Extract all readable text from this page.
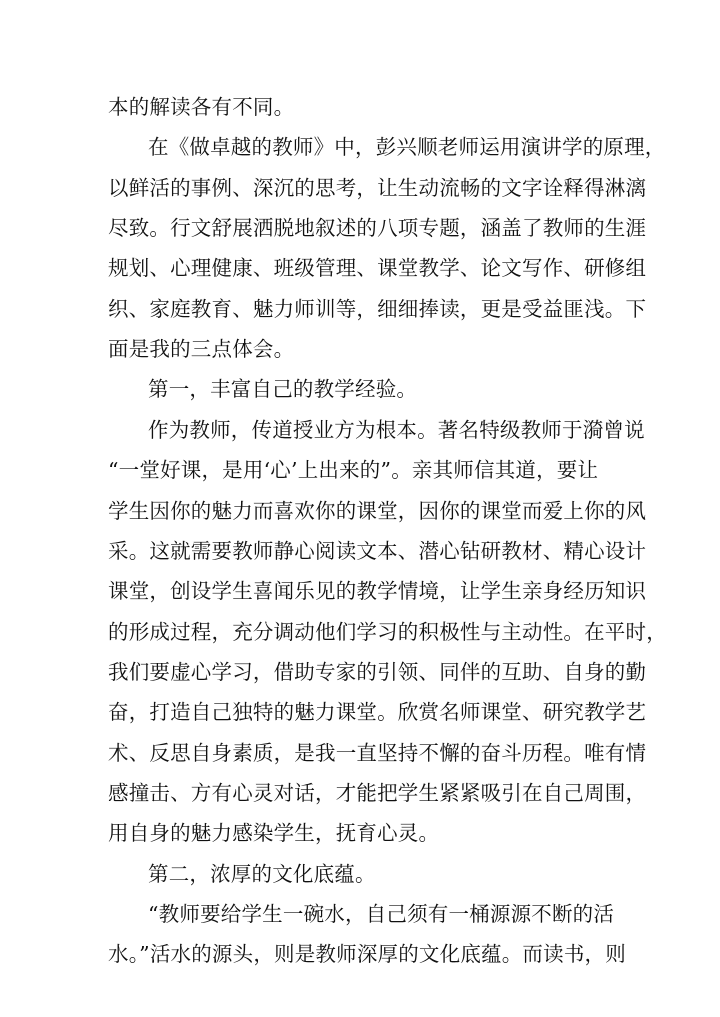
本的解读各有不同。
在《做卓越的教师》中，彭兴顺老师运用演讲学的原理，
以鲜活的事例、深沉的思考，让生动流畅的文字诠释得淋漓
尽致。行文舒展洒脱地叙述的八项专题，涵盖了教师的生涯
规划、心理健康、班级管理、课堂教学、论文写作、研修组
织、家庭教育、魅力师训等，细细捧读，更是受益匪浅。下
面是我的三点体会。
第一，丰富自己的教学经验。
作为教师，传道授业方为根本。著名特级教师于漪曾说
“一堂好课，是用‘心’上出来的”。亲其师信其道，要让
学生因你的魅力而喜欢你的课堂，因你的课堂而爱上你的风
采。这就需要教师静心阅读文本、潜心钻研教材、精心设计
课堂，创设学生喜闻乐见的教学情境，让学生亲身经历知识
的形成过程，充分调动他们学习的积极性与主动性。在平时，
我们要虚心学习，借助专家的引领、同伴的互助、自身的勤
奋，打造自己独特的魅力课堂。欣赏名师课堂、研究教学艺
术、反思自身素质，是我一直坚持不懈的奋斗历程。唯有情
感撞击、方有心灵对话，才能把学生紧紧吸引在自己周围，
用自身的魅力感染学生，抚育心灵。
第二，浓厚的文化底蕴。
“教师要给学生一碗水，自己须有一桶源源不断的活
水。”活水的源头，则是教师深厚的文化底蕴。而读书，则
